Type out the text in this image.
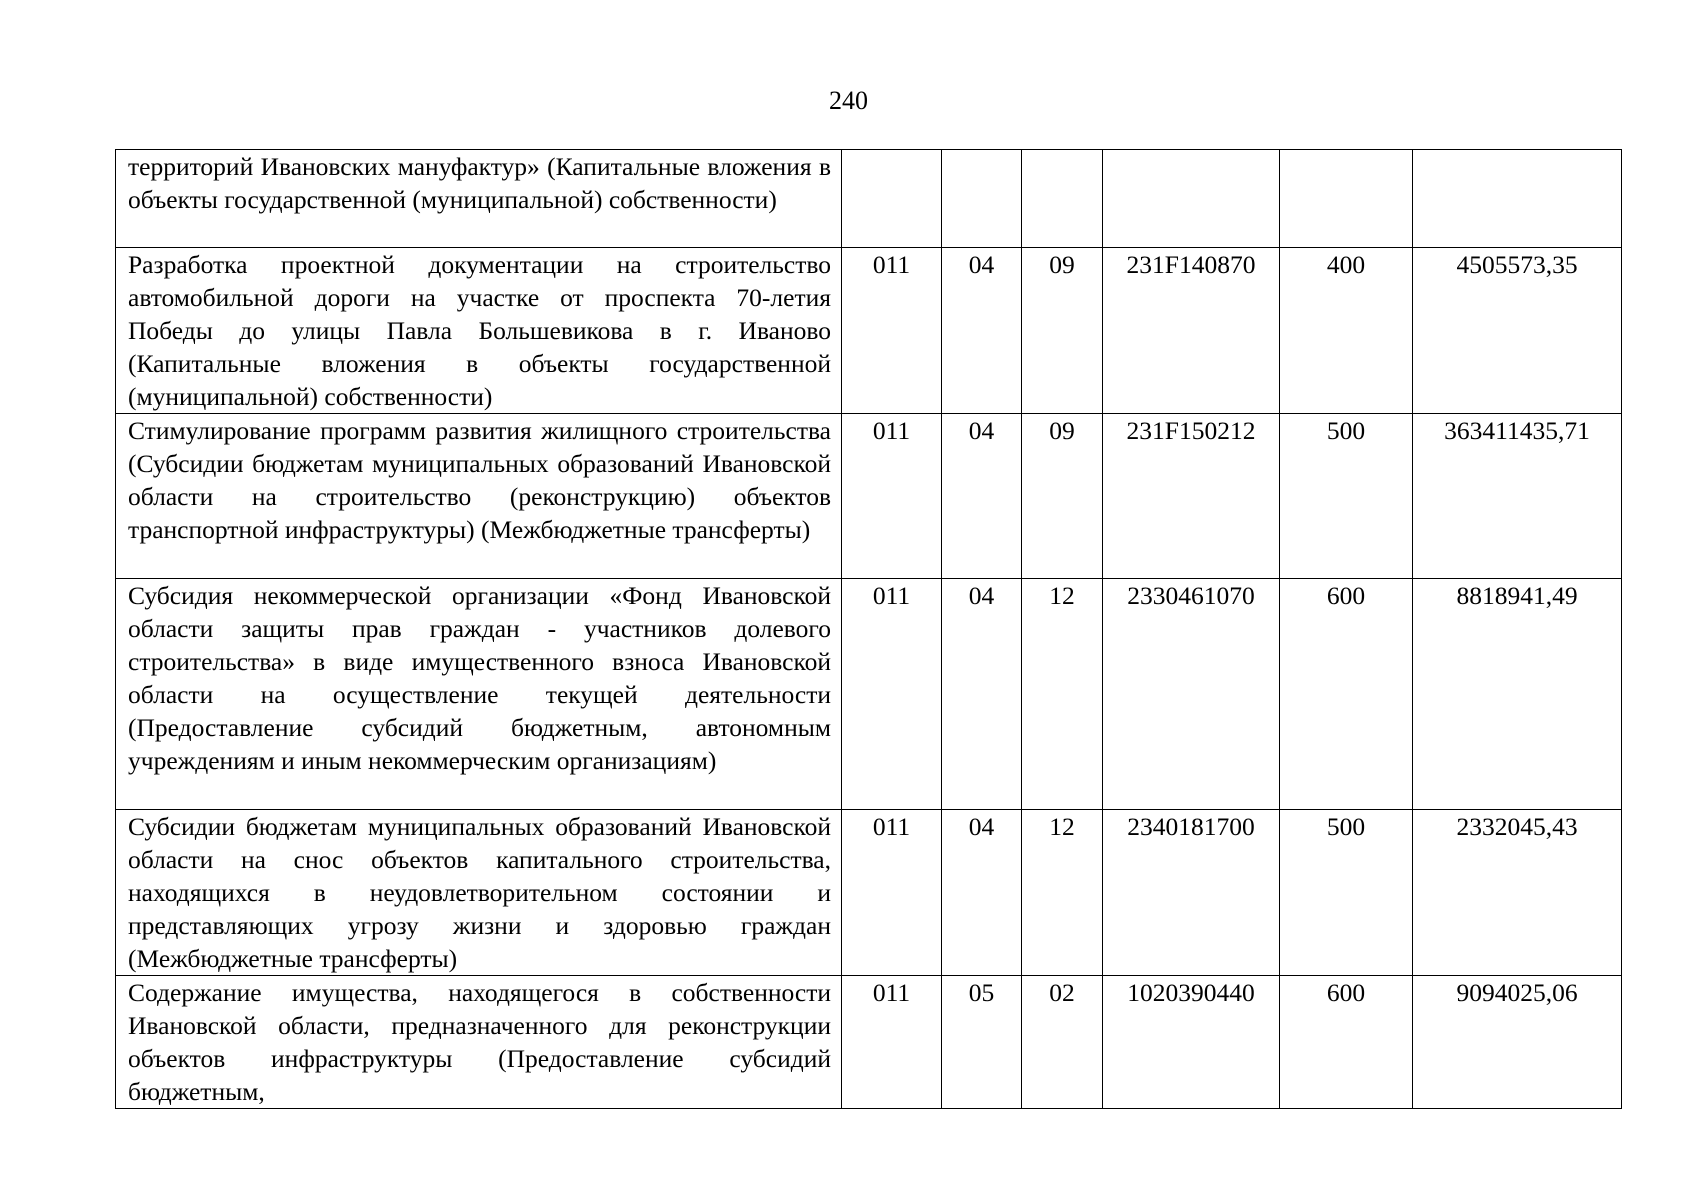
240
территорий Ивановских мануфактур» (Капитальные вложения в объекты государственной (муниципальной) собственности)						

Разработка проектной документации на строительство автомобильной дороги на участке от проспекта 70-летия Победы до улицы Павла Большевикова в г. Иваново (Капитальные вложения в объекты государственной (муниципальной) собственности)	011	04	09	231F140870	400	4505573,35

Стимулирование программ развития жилищного строительства (Субсидии бюджетам муниципальных образований Ивановской области на строительство (реконструкцию) объектов транспортной инфраструктуры) (Межбюджетные трансферты)	011	04	09	231F150212	500	363411435,71

Субсидия некоммерческой организации «Фонд Ивановской области защиты прав граждан - участников долевого строительства» в виде имущественного взноса Ивановской области на осуществление текущей деятельности (Предоставление субсидий бюджетным, автономным учреждениям и иным некоммерческим организациям)	011	04	12	2330461070	600	8818941,49

Субсидии бюджетам муниципальных образований Ивановской области на снос объектов капитального строительства, находящихся в неудовлетворительном состоянии и представляющих угрозу жизни и здоровью граждан (Межбюджетные трансферты)	011	04	12	2340181700	500	2332045,43

Содержание имущества, находящегося в собственности Ивановской области, предназначенного для реконструкции объектов инфраструктуры (Предоставление субсидий бюджетным,	011	05	02	1020390440	600	9094025,06
